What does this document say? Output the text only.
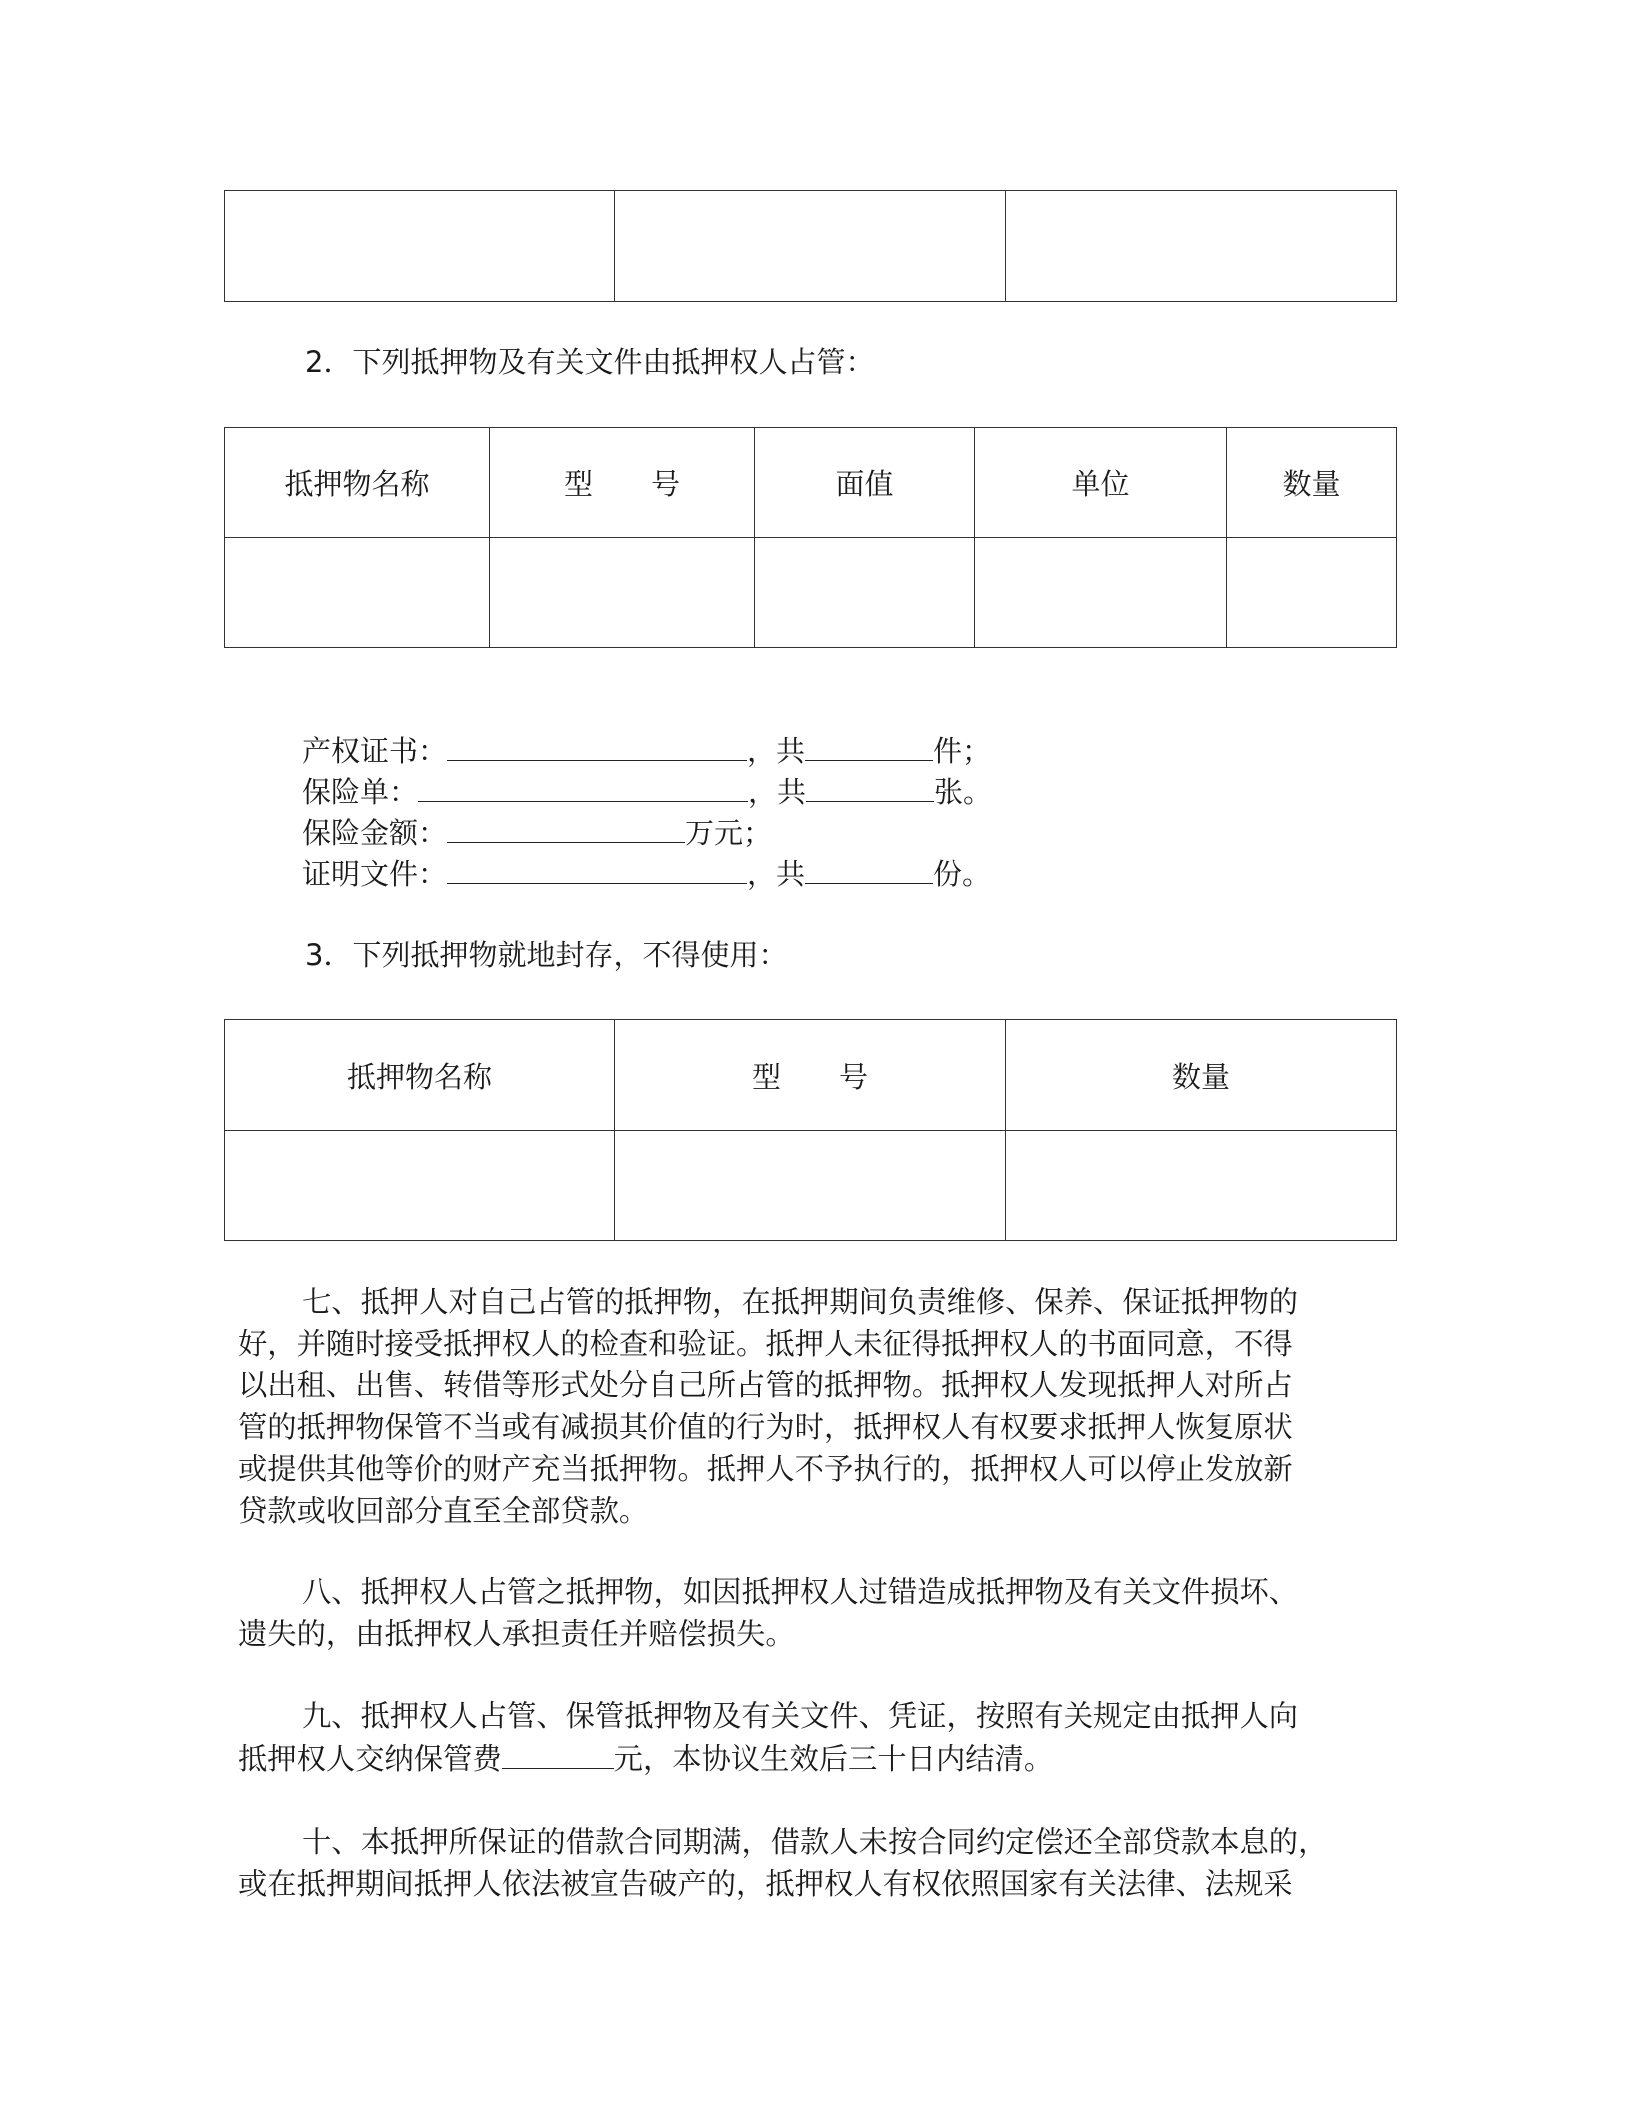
2．下列抵押物及有关文件由抵押权人占管：
抵押物名称	型　　号	面值	单位	数量

产权证书：	，共	件；
保险单：	，共	张。
保险金额：	万元；
证明文件：	，共	份。
3．下列抵押物就地封存，不得使用：
抵押物名称	型　　号	数量

七、抵押人对自己占管的抵押物，在抵押期间负责维修、保养、保证抵押物的
好，并随时接受抵押权人的检查和验证。抵押人未征得抵押权人的书面同意，不得
以出租、出售、转借等形式处分自己所占管的抵押物。抵押权人发现抵押人对所占
管的抵押物保管不当或有减损其价值的行为时，抵押权人有权要求抵押人恢复原状
或提供其他等价的财产充当抵押物。抵押人不予执行的，抵押权人可以停止发放新
贷款或收回部分直至全部贷款。
八、抵押权人占管之抵押物，如因抵押权人过错造成抵押物及有关文件损坏、
遗失的，由抵押权人承担责任并赔偿损失。
九、抵押权人占管、保管抵押物及有关文件、凭证，按照有关规定由抵押人向
抵押权人交纳保管费	元，本协议生效后三十日内结清。
十、本抵押所保证的借款合同期满，借款人未按合同约定偿还全部贷款本息的，
或在抵押期间抵押人依法被宣告破产的，抵押权人有权依照国家有关法律、法规采
